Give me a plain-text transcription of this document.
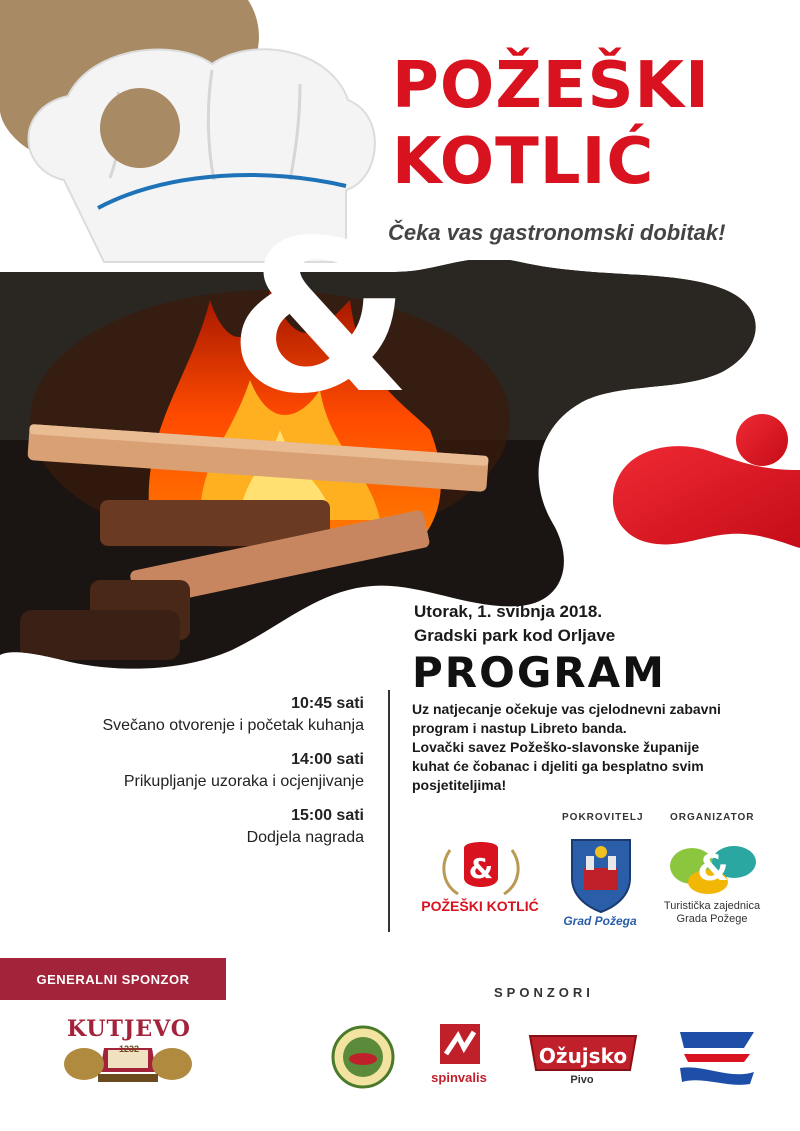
&
POŽEŠKI
KOTLIĆ
Čeka vas gastronomski dobitak!
Utorak, 1. svibnja 2018.
Gradski park kod Orljave
PROGRAM
10:45 sati
Svečano otvorenje i početak kuhanja
14:00 sati
Prikupljanje uzoraka i ocjenjivanje
15:00 sati
Dodjela nagrada
Uz natjecanje očekuje vas cjelodnevni zabavni
program i nastup Libreto banda.
Lovački savez Požeško-slavonske županije
kuhat će čobanac i djeliti ga besplatno svim
posjetiteljima!
POKROVITELJ	ORGANIZATOR
&
POŽEŠKI KOTLIĆ
Grad Požega
&
Turistička zajednica
Grada Požege
GENERALNI SPONZOR
SPONZORI
KUTJEVO
1232
spinvalis
Ožujsko
Pivo
